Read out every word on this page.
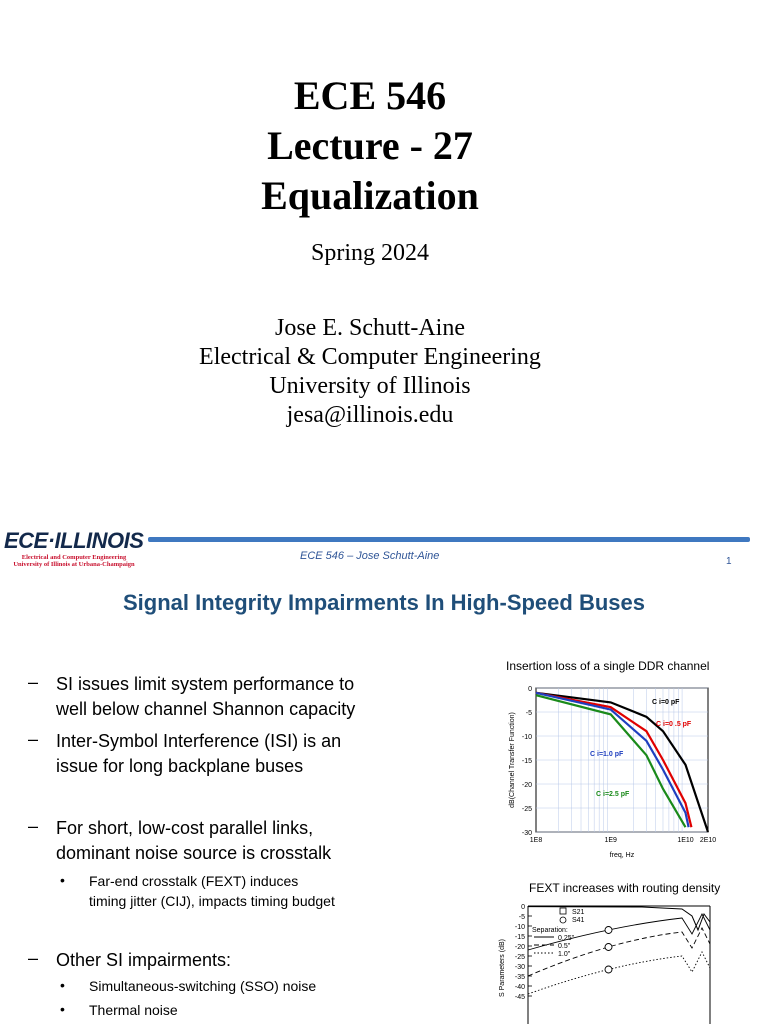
ECE 546
Lecture - 27
Equalization
Spring 2024
Jose E. Schutt-Aine
Electrical & Computer Engineering
University of Illinois
jesa@illinois.edu
ECE·ILLINOIS
Electrical and Computer Engineering
University of Illinois at Urbana-Champaign
ECE 546 – Jose Schutt-Aine	1
Signal Integrity Impairments In High-Speed Buses
– SI issues limit system performance to
well below channel Shannon capacity
– Inter-Symbol Interference (ISI) is an
issue for long backplane buses
– For short, low-cost parallel links,
dominant noise source is crosstalk
• Far-end crosstalk (FEXT) induces
timing jitter (CIJ), impacts timing budget
– Other SI impairments:
• Simultaneous-switching (SSO) noise
• Thermal noise
Insertion loss of a single DDR channel
0
-5
-10
-15
-20
-25
-30
1E8	1E9	1E10 2E10
freq, Hz
dB(Channel Transfer Function)
C i=0 pF
C i=0 .5 pF
C i=1.0 pF
C i=2.5 pF
FEXT increases with routing density
0
-5
-10
-15
-20
-25
-30
-35
-40
-45
S Parameters (dB)
S21
S41
Separation:
0.25"
0.5"
1.0"
